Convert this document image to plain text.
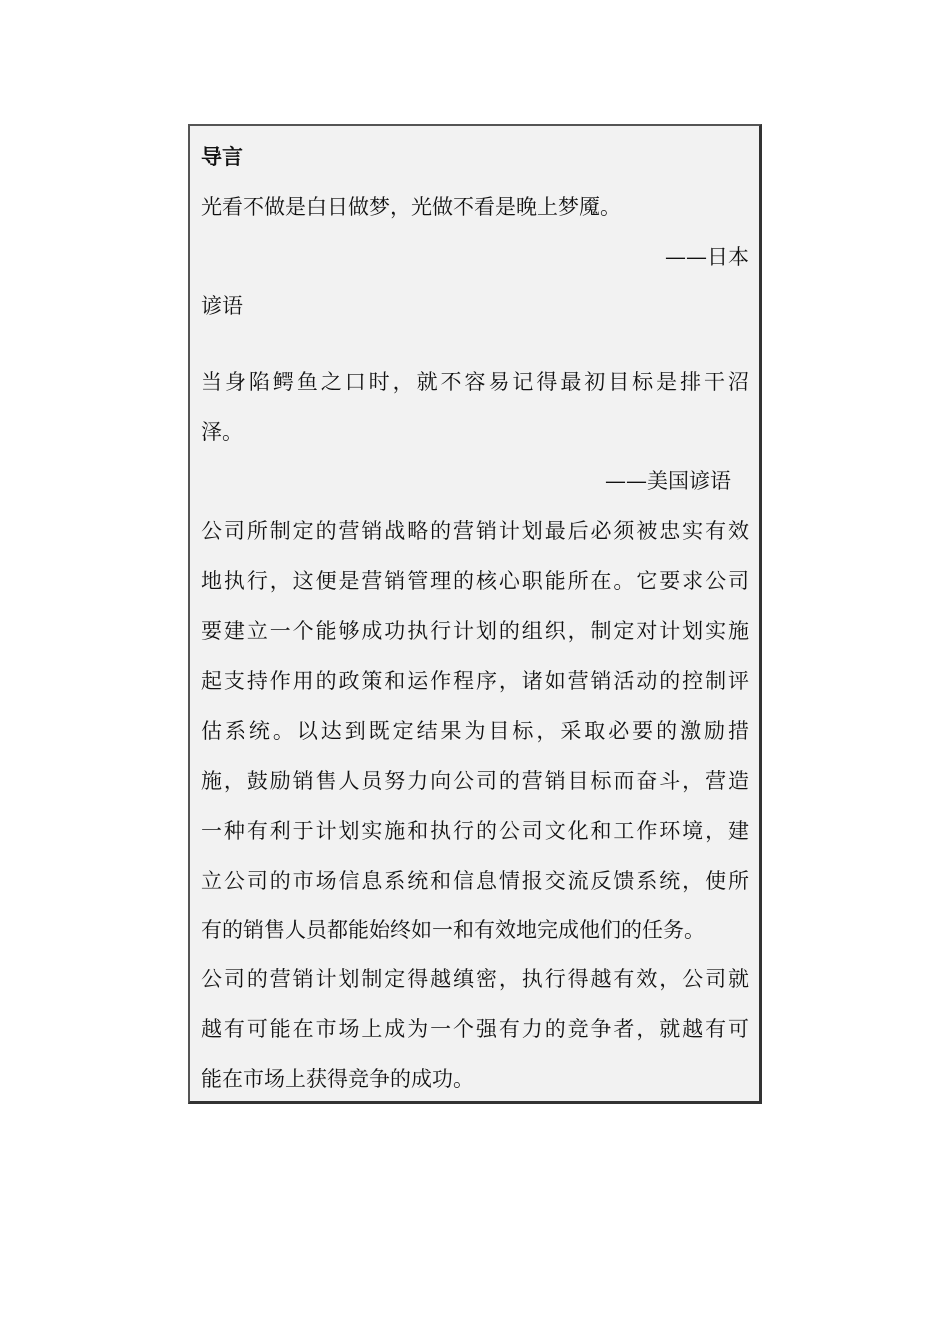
导言
光看不做是白日做梦，光做不看是晚上梦魇。
——日本
谚语
当身陷鳄鱼之口时，就不容易记得最初目标是排干沼
泽。
——美国谚语
公司所制定的营销战略的营销计划最后必须被忠实有效
地执行，这便是营销管理的核心职能所在。它要求公司
要建立一个能够成功执行计划的组织，制定对计划实施
起支持作用的政策和运作程序，诸如营销活动的控制评
估系统。以达到既定结果为目标，采取必要的激励措
施，鼓励销售人员努力向公司的营销目标而奋斗，营造
一种有利于计划实施和执行的公司文化和工作环境，建
立公司的市场信息系统和信息情报交流反馈系统，使所
有的销售人员都能始终如一和有效地完成他们的任务。
公司的营销计划制定得越缜密，执行得越有效，公司就
越有可能在市场上成为一个强有力的竞争者，就越有可
能在市场上获得竞争的成功。
